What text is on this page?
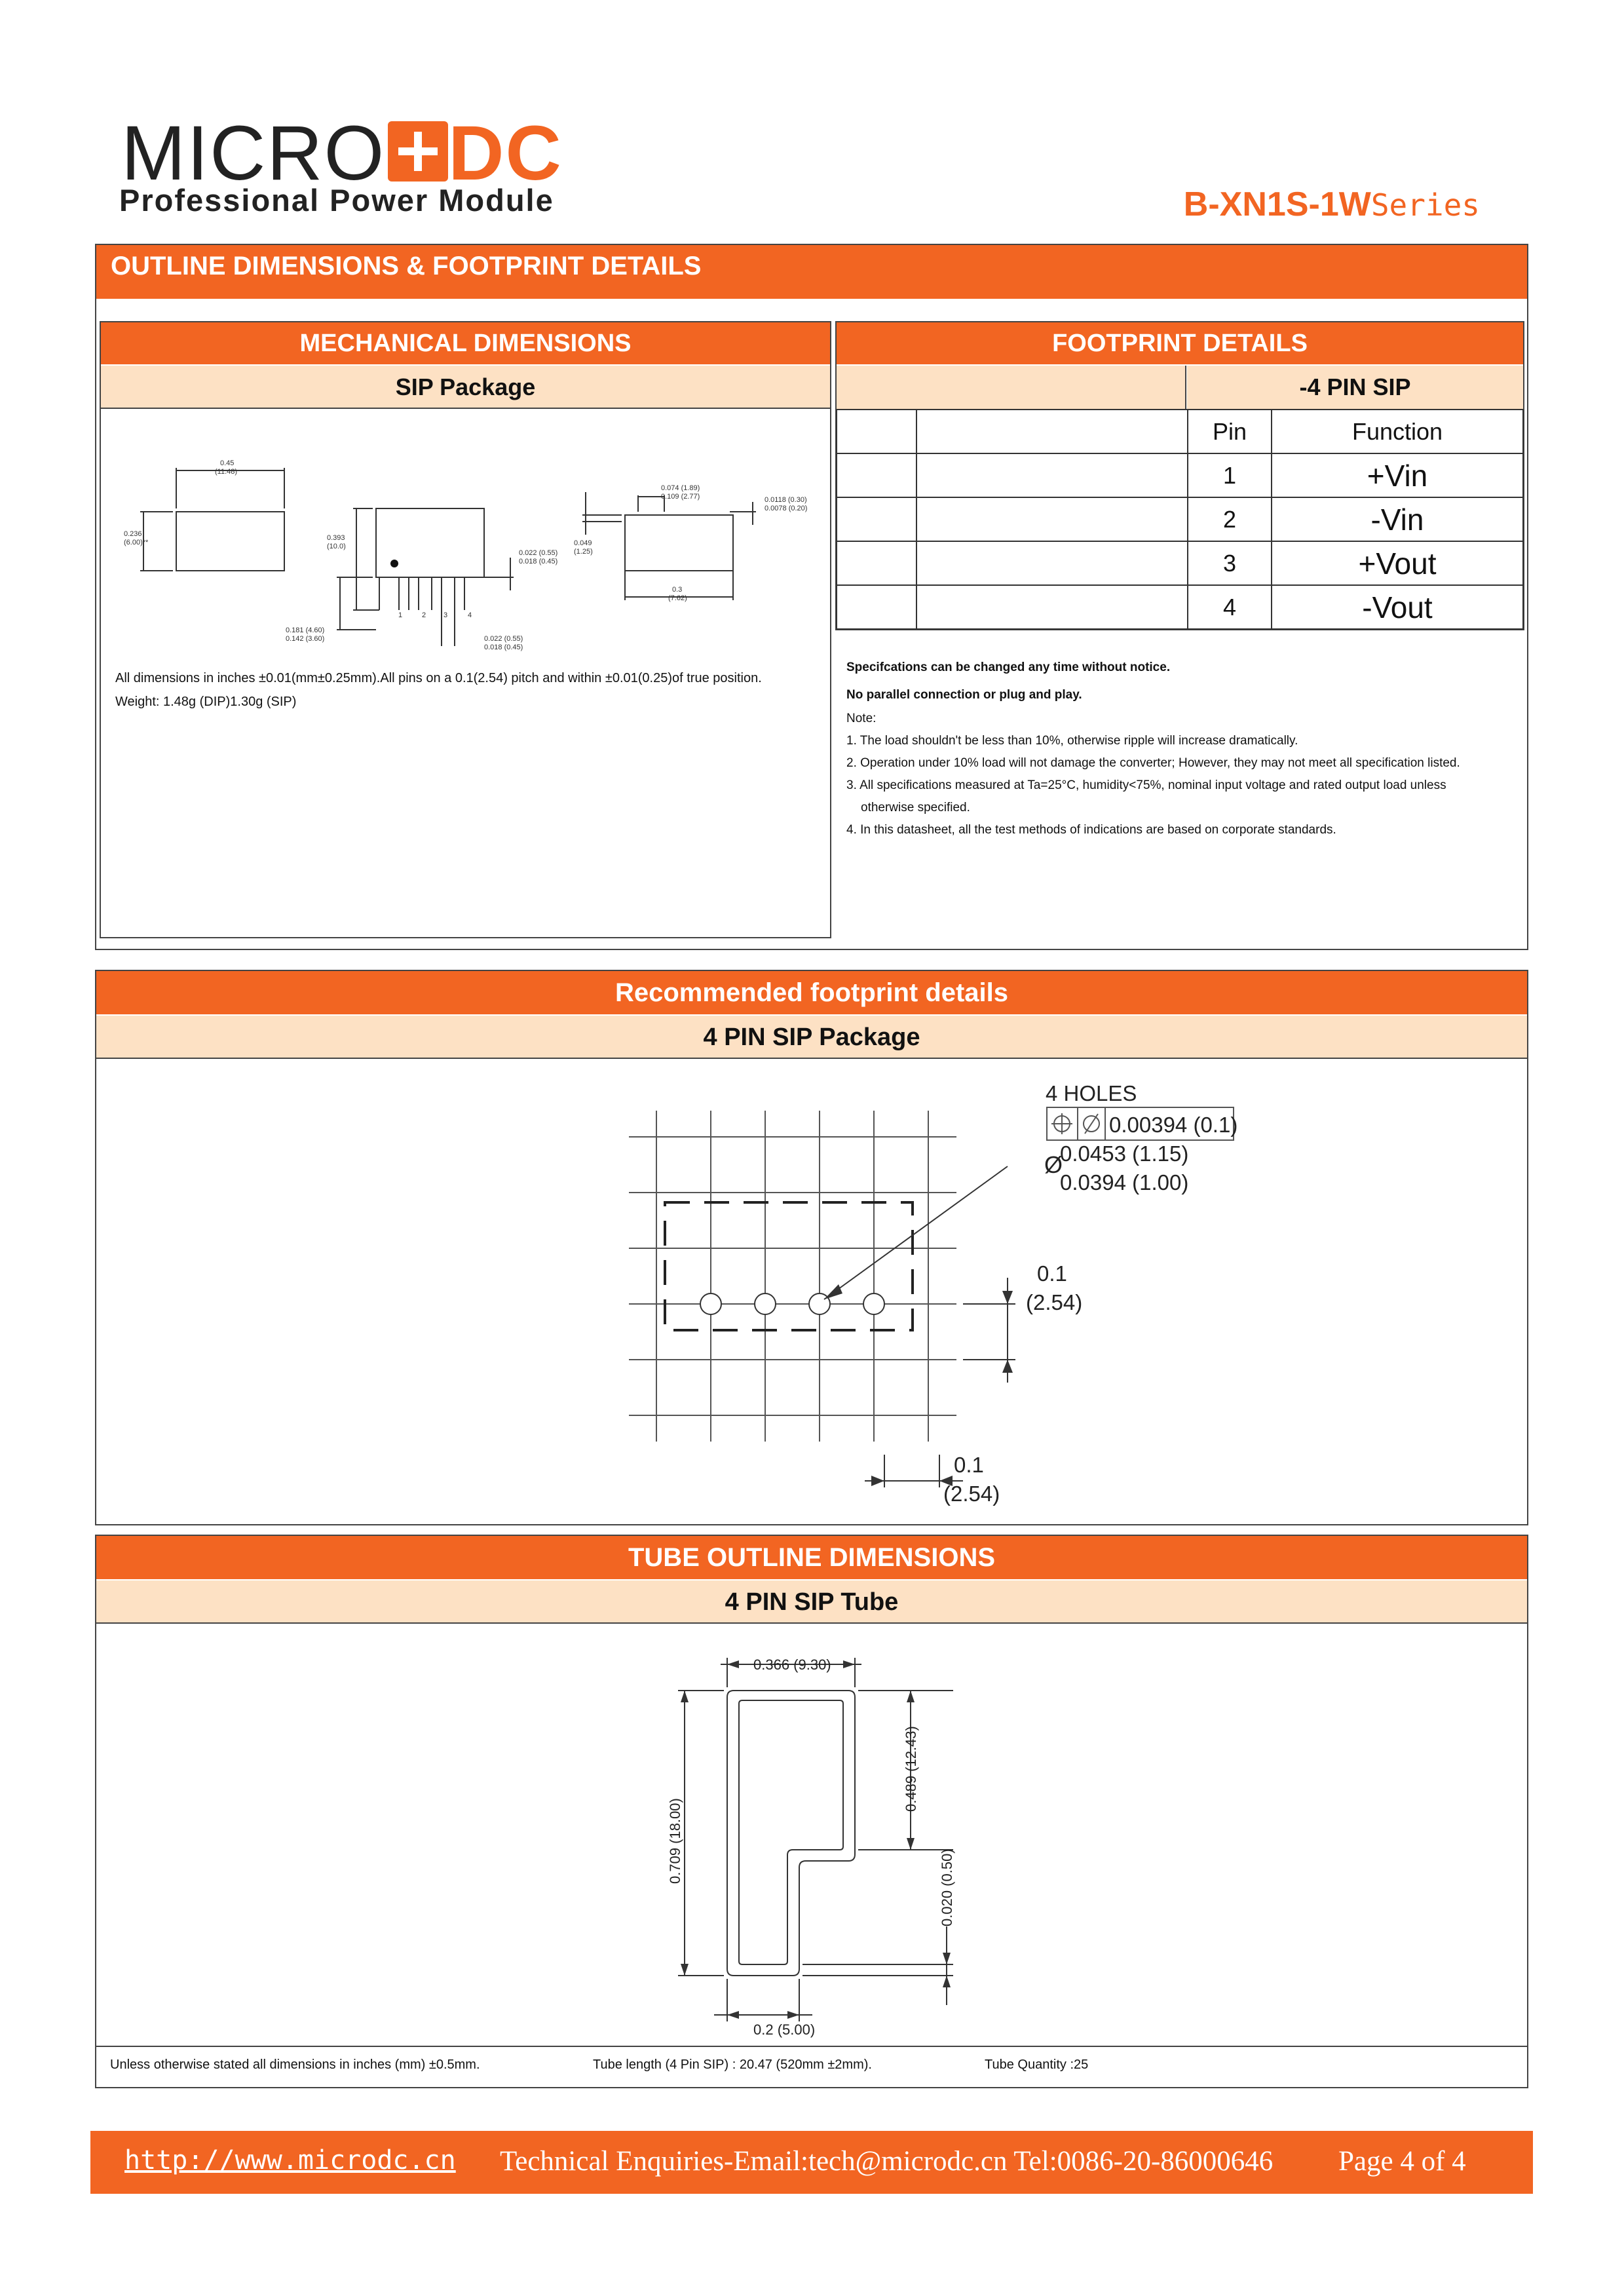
MICRO DC
Professional Power Module	B-XN1S-1WSeries
OUTLINE DIMENSIONS & FOOTPRINT DETAILS
MECHANICAL DIMENSIONS
SIP Package
0.45
(11.48)
0.236
(6.00)**
0.393
(10.0)
0.022 (0.55)
0.018 (0.45)
0.181 (4.60)
0.142 (3.60)	0.022 (0.55)
0.018 (0.45)
0.074 (1.89)
0.109 (2.77)	0.0118 (0.30)
0.0078 (0.20)
0.049
(1.25)
0.3
(7.62)
1	2 3	4
All dimensions in inches ±0.01(mm±0.25mm).All pins on a 0.1(2.54) pitch and within ±0.01(0.25)of true position.
Weight: 1.48g (DIP)1.30g (SIP)
FOOTPRINT DETAILS
-4 PIN SIP
		Pin	Function
		1	+Vin
		2	-Vin
		3	+Vout
		4	-Vout
Specifcations can be changed any time without notice.
No parallel connection or plug and play.
Note:
1. The load shouldn't be less than 10%, otherwise ripple will increase dramatically.
2. Operation under 10% load will not damage the converter; However, they may not meet all specification listed.
3. All specifications measured at Ta=25°C, humidity<75%, nominal input voltage and rated output load unless
otherwise specified.
4. In this datasheet, all the test methods of indications are based on corporate standards.
Recommended footprint details
4 PIN SIP Package
4 HOLES
0.00394 (0.1)
Ø
0.0453 (1.15)
0.0394 (1.00)
0.1
(2.54)
0.1
(2.54)
TUBE OUTLINE DIMENSIONS
4 PIN SIP Tube
0.366 (9.30)
0.709 (18.00)
0.489 (12.43)
0.020 (0.50)
0.2 (5.00)
Unless otherwise stated all dimensions in inches (mm) ±0.5mm.	Tube length (4 Pin SIP) : 20.47 (520mm ±2mm).	Tube Quantity :25
http://www.microdc.cn Technical Enquiries-Email:tech@microdc.cn Tel:0086-20-86000646 Page 4 of 4
